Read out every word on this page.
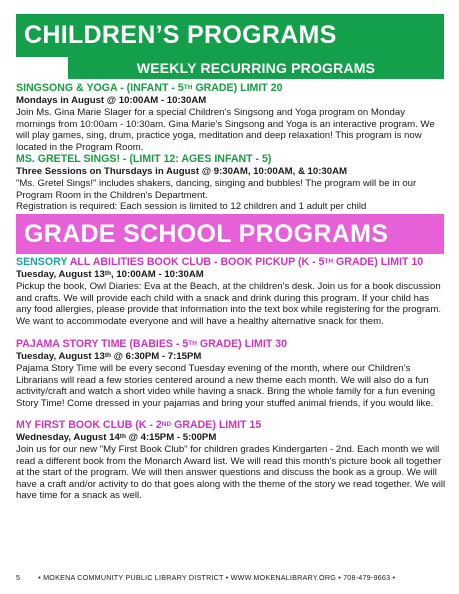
CHILDREN’S PROGRAMS
WEEKLY RECURRING PROGRAMS
SINGSONG & YOGA - (INFANT - 5TH GRADE) LIMIT 20
Mondays in August @ 10:00AM - 10:30AM
Join Ms. Gina Marie Slager for a special Children's Singsong and Yoga program on Monday mornings from 10:00am - 10:30am. Gina Marie's Singsong and Yoga is an interactive program. We will play games, sing, drum, practice yoga, meditation and deep relaxation! This program is now located in the Program Room.
MS. GRETEL SINGS! - (LIMIT 12: AGES INFANT - 5)
Three Sessions on Thursdays in August @ 9:30AM, 10:00AM, & 10:30AM
"Ms. Gretel Sings!" includes shakers, dancing, singing and bubbles! The program will be in our Program Room in the Children's Department.
Registration is required: Each session is limited to 12 children and 1 adult per child
GRADE SCHOOL PROGRAMS
SENSORY ALL ABILITIES BOOK CLUB - BOOK PICKUP (K - 5TH GRADE) LIMIT 10
Tuesday, August 13th, 10:00AM - 10:30AM
Pickup the book, Owl Diaries: Eva at the Beach, at the children's desk. Join us for a book discussion and crafts. We will provide each child with a snack and drink during this program. If your child has any food allergies, please provide that information into the text box while registering for the program. We want to accommodate everyone and will have a healthy alternative snack for them.
PAJAMA STORY TIME (BABIES - 5TH GRADE) LIMIT 30
Tuesday, August 13th @ 6:30PM - 7:15PM
Pajama Story Time will be every second Tuesday evening of the month, where our Children’s Librarians will read a few stories centered around a new theme each month. We will also do a fun activity/craft and watch a short video while having a snack. Bring the whole family for a fun evening Story Time! Come dressed in your pajamas and bring your stuffed animal friends, if you would like.
MY FIRST BOOK CLUB (K - 2ND GRADE) LIMIT 15
Wednesday, August 14th @ 4:15PM - 5:00PM
Join us for our new "My First Book Club" for children grades Kindergarten - 2nd. Each month we will read a different book from the Monarch Award list. We will read this month's picture book all together at the start of the program. We will then answer questions and discuss the book as a group. We will have a craft and/or activity to do that goes along with the theme of the story we read together. We will have time for a snack as well.
5	• MOKENA COMMUNITY PUBLIC LIBRARY DISTRICT • WWW.MOKENALIBRARY.ORG • 708-479-9663 •
